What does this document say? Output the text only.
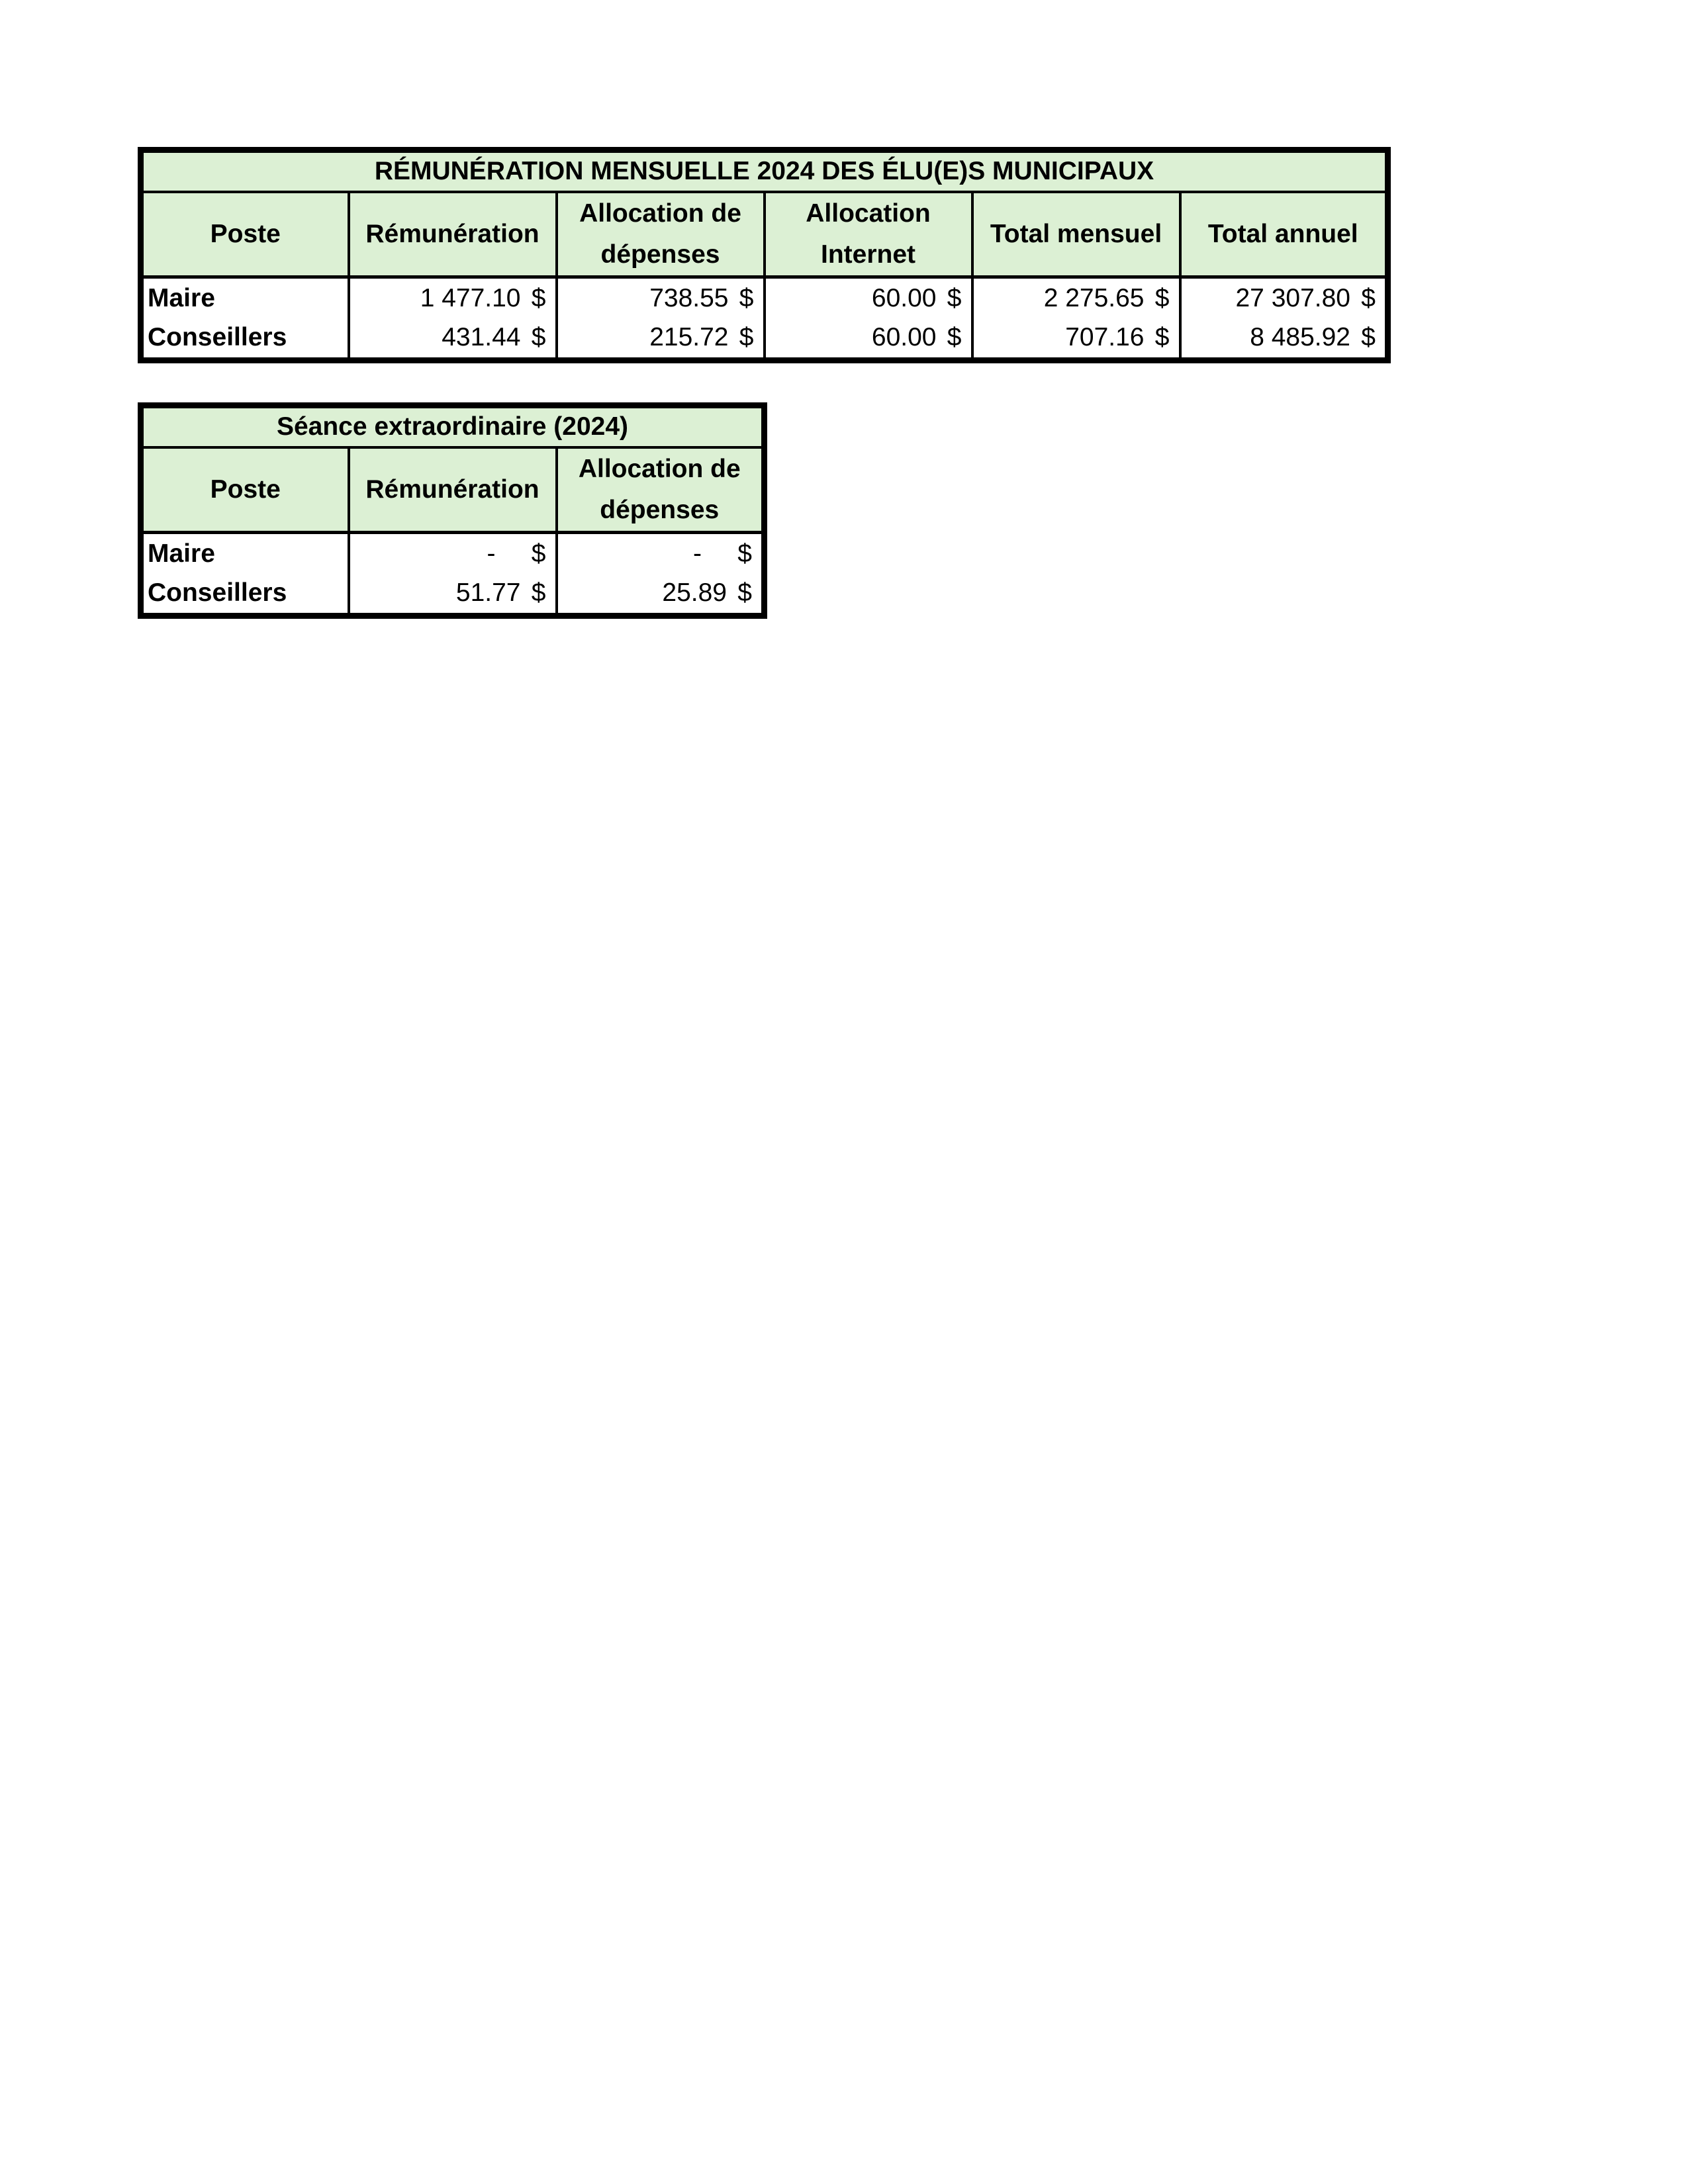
RÉMUNÉRATION MENSUELLE 2024 DES ÉLU(E)S MUNICIPAUX					
Poste	Rémunération	Allocation de dépenses	Allocation Internet	Total mensuel	Total annuel
Maire	1 477.10 $	738.55 $	60.00 $	2 275.65 $	27 307.80 $

Conseillers	431.44 $	215.72 $	60.00 $	707.16 $	8 485.92 $
Séance extraordinaire (2024)		
Poste	Rémunération	Allocation de dépenses
Maire	- $	- $

Conseillers	51.77 $	25.89 $
